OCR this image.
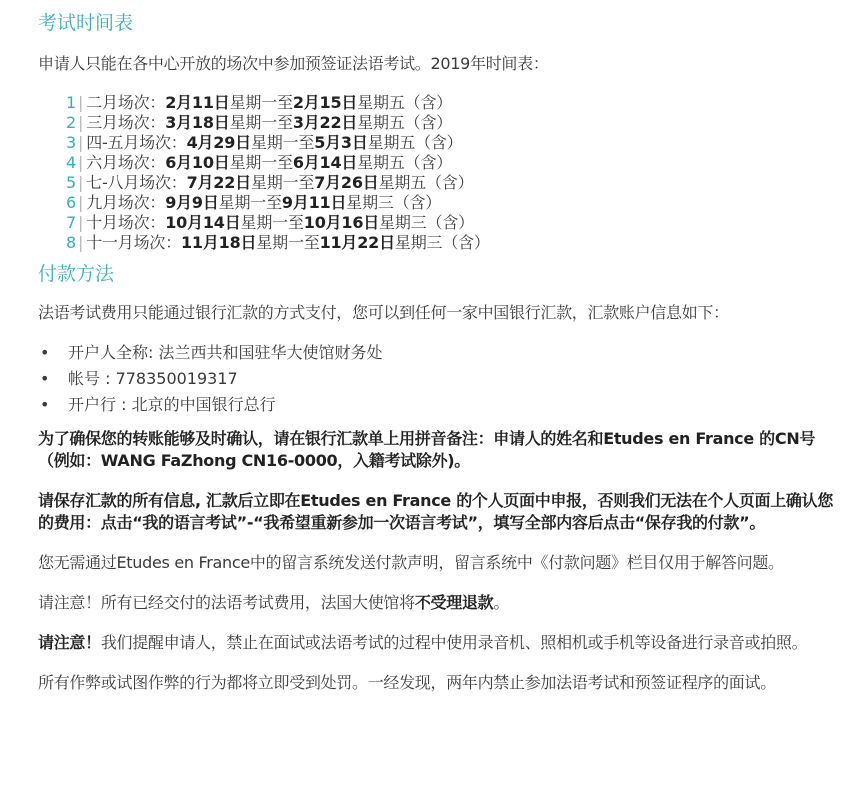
考试时间表

申请人只能在各中心开放的场次中参加预签证法语考试。2019年时间表：

1 | 二月场次：2月11日星期一至2月15日星期五（含）
2 | 三月场次：3月18日星期一至3月22日星期五（含）
3 | 四-五月场次：4月29日星期一至5月3日星期五（含）
4 | 六月场次：6月10日星期一至6月14日星期五（含）
5 | 七-八月场次：7月22日星期一至7月26日星期五（含）
6 | 九月场次：9月9日星期一至9月11日星期三（含）
7 | 十月场次：10月14日星期一至10月16日星期三（含）
8 | 十一月场次：11月18日星期一至11月22日星期三（含）
付款方法

法语考试费用只能通过银行汇款的方式支付，您可以到任何一家中国银行汇款，汇款账户信息如下：

• 开户人全称: 法兰西共和国驻华大使馆财务处
• 帐号 : 778350019317
• 开户行 : 北京的中国银行总行

为了确保您的转账能够及时确认，请在银行汇款单上用拼音备注：申请人的姓名和Etudes en France 的CN号（例如：WANG FaZhong CN16-0000，入籍考试除外)。

请保存汇款的所有信息, 汇款后立即在Etudes en France 的个人页面中申报，否则我们无法在个人页面上确认您的费用：点击“我的语言考试”-“我希望重新参加一次语言考试”，填写全部内容后点击“保存我的付款”。

您无需通过Etudes en France中的留言系统发送付款声明，留言系统中《付款问题》栏目仅用于解答问题。

请注意！所有已经交付的法语考试费用，法国大使馆将不受理退款。

请注意！我们提醒申请人，禁止在面试或法语考试的过程中使用录音机、照相机或手机等设备进行录音或拍照。

所有作弊或试图作弊的行为都将立即受到处罚。一经发现，两年内禁止参加法语考试和预签证程序的面试。
